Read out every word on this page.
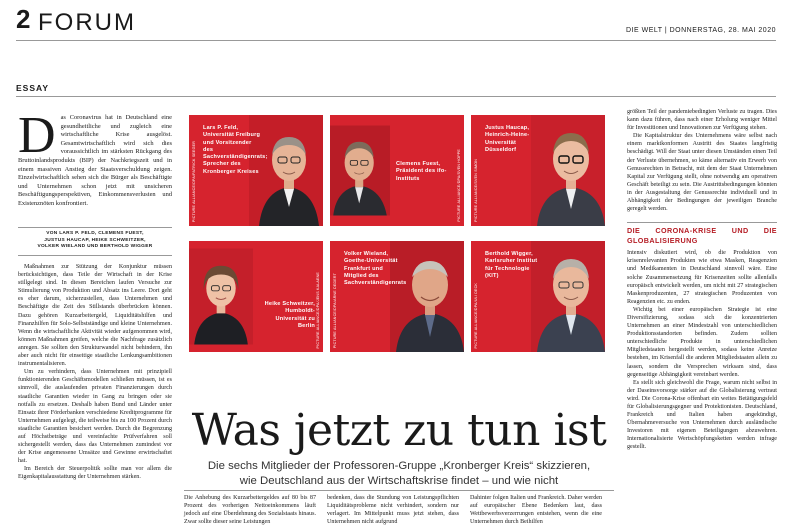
2 FORUM	DIE WELT | DONNERSTAG, 28. MAI 2020
ESSAY
Das Coronavirus hat in Deutschland eine gesundheitliche und zugleich eine wirtschaftliche Krise ausgelöst. Gesamtwirtschaftlich wird sich dies voraussichtlich im stärksten Rückgang des Bruttoinlandsprodukts (BIP) der Nachkriegszeit und in einem massiven Anstieg der Staatsverschuldung zeigen. Einzelwirtschaftlich sehen sich die Bürger als Beschäftigte und Unternehmen schon jetzt mit unsicheren Beschäftigungsperspektiven, Einkommensverlusten und Existenznöten konfrontiert.
VON LARS P. FELD, CLEMENS FUEST,
JUSTUS HAUCAP, HEIKE SCHWEITZER,
VOLKER WIELAND UND BERTHOLD WIGGER

Maßnahmen zur Stützung der Konjunktur müssen berücksichtigen, dass Teile der Wirtschaft in der Krise stillgelegt sind. In diesen Bereichen laufen Versuche zur Stimulierung von Produktion und Absatz ins Leere. Dort geht es eher darum, sicherzustellen, dass Unternehmen und Beschäftigte die Zeit des Stillstands überbrücken können. Dazu gehören Kurzarbeitergeld, Liquiditätshilfen und Finanzhilfen für Solo-Selbstständige und kleine Unternehmen. Wenn die wirtschaftliche Aktivität wieder aufgenommen wird, können Maßnahmen greifen, welche die Nachfrage zusätzlich anregen. Sie sollten den Strukturwandel nicht behindern, ihn aber auch nicht für einseitige staatliche Lenkungsambitionen instrumentalisieren.

Um zu verhindern, dass Unternehmen mit prinzipiell funktionierenden Geschäftsmodellen schließen müssen, ist es sinnvoll, die auslaufenden privaten Finanzierungen durch staatliche Garantien wieder in Gang zu bringen oder sie notfalls zu ersetzen. Deshalb haben Bund und Länder unter Einsatz ihrer Förderbanken verschiedene Kreditprogramme für Unternehmen aufgelegt, die teilweise bis zu 100 Prozent durch staatliche Garantien besichert werden. Durch die Begrenzung auf Höchstbeträge und vereinfachte Prüfverfahren soll sichergestellt werden, dass das Unternehmen zumindest vor der Krise angemessene Umsätze und Gewinne erwirtschaftet hat.

Im Bereich der Steuerpolitik sollte man vor allem die Eigenkapitalausstattung der Unternehmen stärken.

Lars P. Feld, Universität Freiburg und Vorsitzender des Sachverständigenrats; Sprecher des Kronberger Kreises
PICTURE ALLIANCE/DPA/PATRICK SEEGER	Clemens Fuest, Präsident des ifo-Instituts	PICTURE ALLIANCE/DPA/SVEN HOPPE
Justus Haucap, Heinrich-Heine-Universität Düsseldorf
PICTURE ALLIANCE/SVEN SIMON
Heike Schweitzer, Humboldt-Universität zu Berlin PICTURE ALLIANCE/DPA/JENS KALAENE
Volker Wieland, Goethe-Universität Frankfurt und Mitglied des Sachverständigenrats
PICTURE ALLIANCE/DPA/ARNE DEDERT
Berthold Wigger, Karlsruher Institut für Technologie (KIT)
PICTURE ALLIANCE/DPA/ULI DECK

größten Teil der pandemiebedingten Verluste zu tragen. Dies kann dazu führen, dass nach einer Erholung weniger Mittel für Investitionen und Innovationen zur Verfügung stehen.

Die Kapitalstruktur des Unternehmens wäre selbst nach einem marktkonformen Austritt des Staates langfristig beschädigt. Will der Staat unter diesen Umständen einen Teil der Verluste übernehmen, so käme alternativ ein Erwerb von Genussrechten in Betracht, mit dem der Staat Unternehmen Kapital zur Verfügung stellt, ohne notwendig am operativen Geschäft beteiligt zu sein. Die Austrittsbedingungen könnten in der Ausgestaltung der Genussrechte individuell und in Abhängigkeit der Bedingungen der jeweiligen Branche geregelt werden.

DIE CORONA-KRISE UND DIE GLOBALISIERUNG

Intensiv diskutiert wird, ob die Produktion von krisenrelevanten Produkten wie etwa Masken, Reagenzien und Medikamenten in Deutschland sinnvoll wäre. Eine solche Zusammensetzung für Krisenzeiten sollte allenfalls europäisch entwickelt werden, um nicht mit 27 strategischen Maskenproduzenten, 27 strategischen Produzenten von Reagenzien etc. zu enden.

Wichtig bei einer europäischen Strategie ist eine Diversifizierung, sodass sich die konzentrierten Unternehmen an einer Mindestzahl von unterschiedlichen Produktionsstandorten befinden. Zudem sollten unterschiedliche Produkte in unterschiedlichen Mitgliedstaaten hergestellt werden, sodass keine Anreize bestehen, im Krisenfall die anderen Mitgliedstaaten allein zu lassen, sondern die Versprechen wirksam sind, dass gegenseitige Abhängigkeit vereinbart werden.

Es stellt sich gleichwohl die Frage, warum nicht selbst in der Daseinsvorsorge stärker auf die Globalisierung vertraut wird. Die Corona-Krise offenbart ein weites Betätigungsfeld für Globalisierungsgegner und Protektionisten. Deutschland, Frankreich und Italien haben angekündigt, Übernahmeversuche von Unternehmen durch ausländische Investoren mit eigenen Beteiligungen abzuwehren. Internationalisierte Wertschöpfungsketten werden infrage gestellt.

Was jetzt zu tun ist
Die sechs Mitglieder der Professoren-Gruppe „Kronberger Kreis“ skizzieren,
wie Deutschland aus der Wirtschaftskrise findet – und wie nicht

Die Anhebung des Kurzarbeitergeldes auf 80 bis 87 Prozent des vorherigen Nettoeinkommens läuft jedoch auf eine Überdehnung des Sozialstaats hinaus. Zwar sollte dieser seine Leistungen

bedenken, dass die Stundung von Leistungspflichten Liquiditätsprobleme nicht verhindert, sondern nur verlagert. Im Mittelpunkt muss jetzt stehen, dass Unternehmen nicht aufgrund

Dahinter folgen Italien und Frankreich. Daher werden auf europäischer Ebene Bedenken laut, dass Wettbewerbsverzerrungen entstehen, wenn die eine Unternehmen durch Beihilfen
